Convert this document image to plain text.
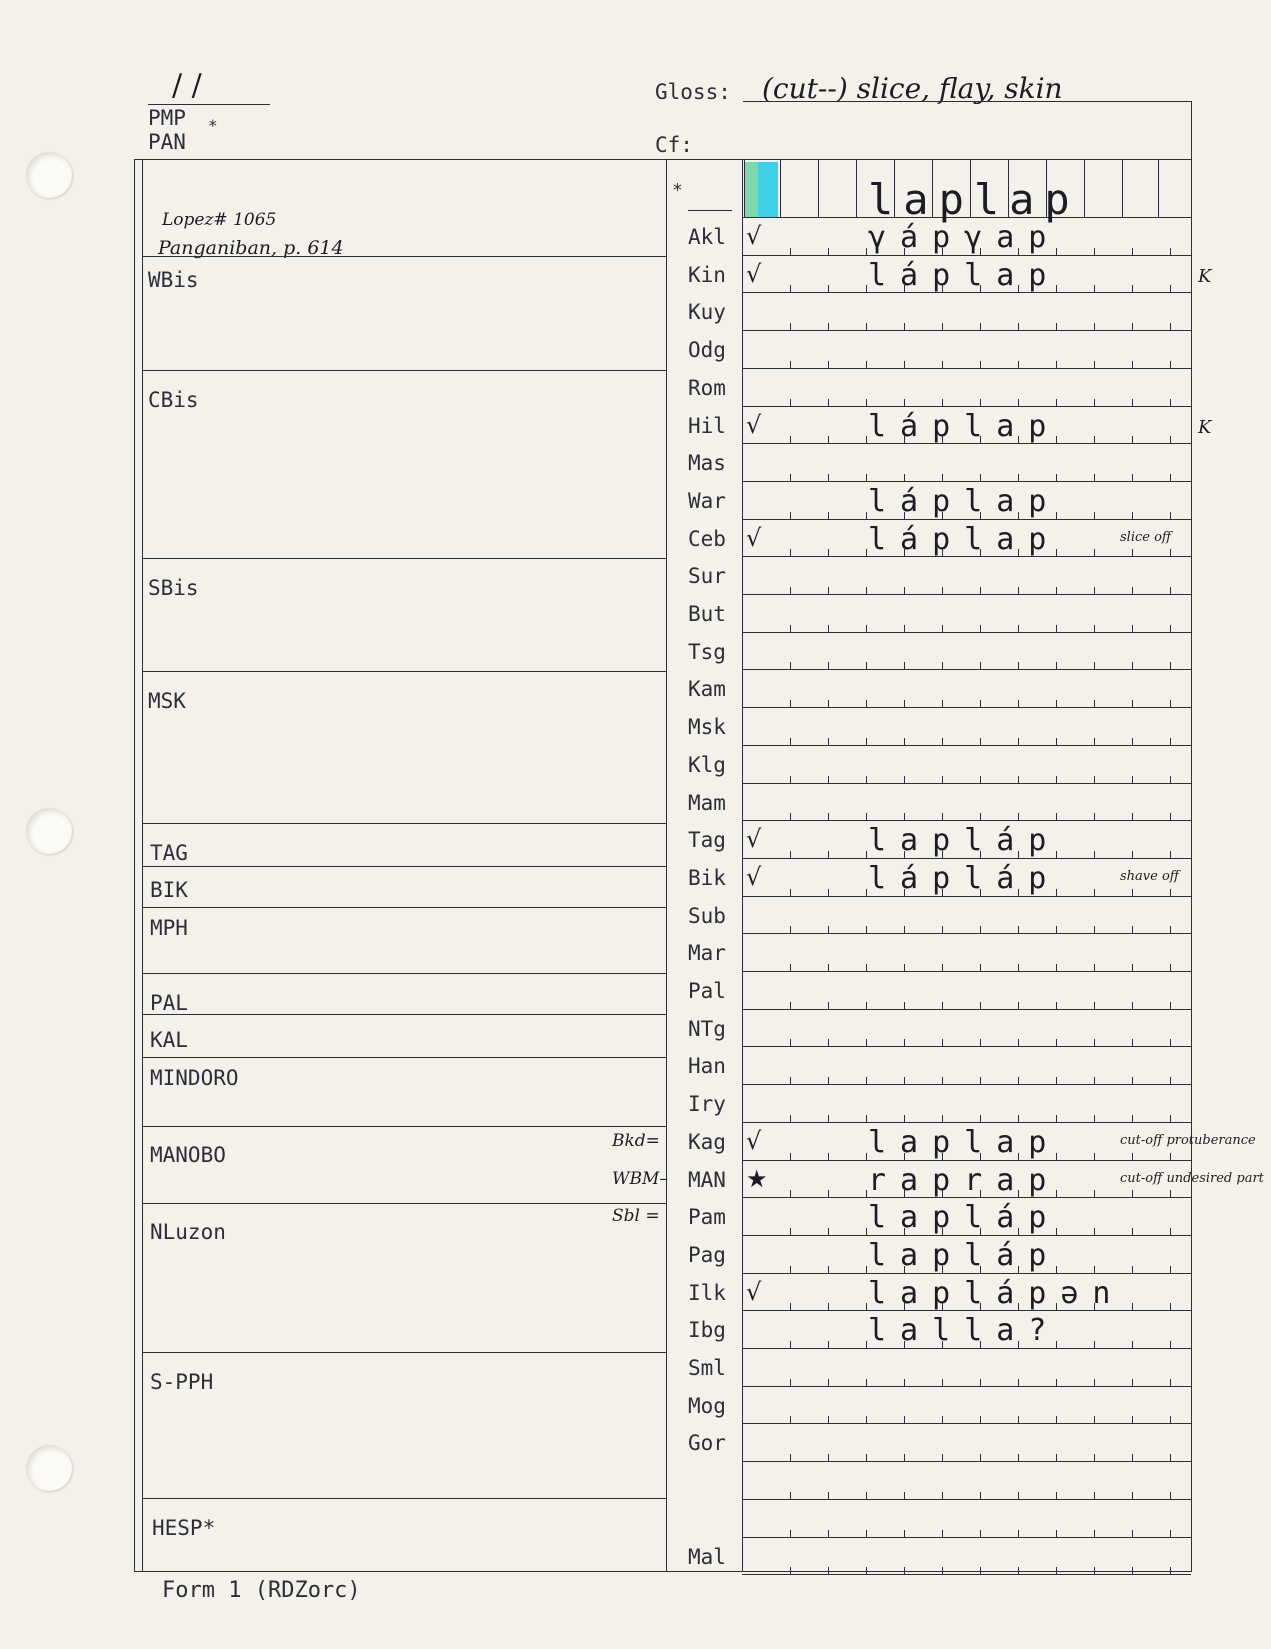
/ /
PMP *
PAN
Gloss: (cut--) slice, flay, skin
Cf:
*	laplap
Lopez# 1065
Panganiban, p. 614
WBis
CBis
SBis
MSK
TAG
BIK
MPH
PAL
KAL
MINDORO
MANOBO
NLuzon
S-PPH
HESP*
Akl √	γápγap
Kin √	láplap	K
Kuy
Odg
Rom
Hil √	láplap	K
Mas
War	láplap
Ceb √	láplap	slice off
Sur
But
Tsg
Kam
Msk
Klg
Mam
Tag √	lapláp
Bik √	lápláp	shave off
Sub
Mar
Pal
NTg
Han
Iry
Kag √	laplap	cut-off protuberance
Bkd=
MAN ★	raprap	cut-off undesired part
WBM–
Pam	lapláp
Sbl =
Pag	lapláp
Ilk √	laplápən
Ibg	lalla?
Sml
Mog
Gor
Mal
Form 1 (RDZorc)
